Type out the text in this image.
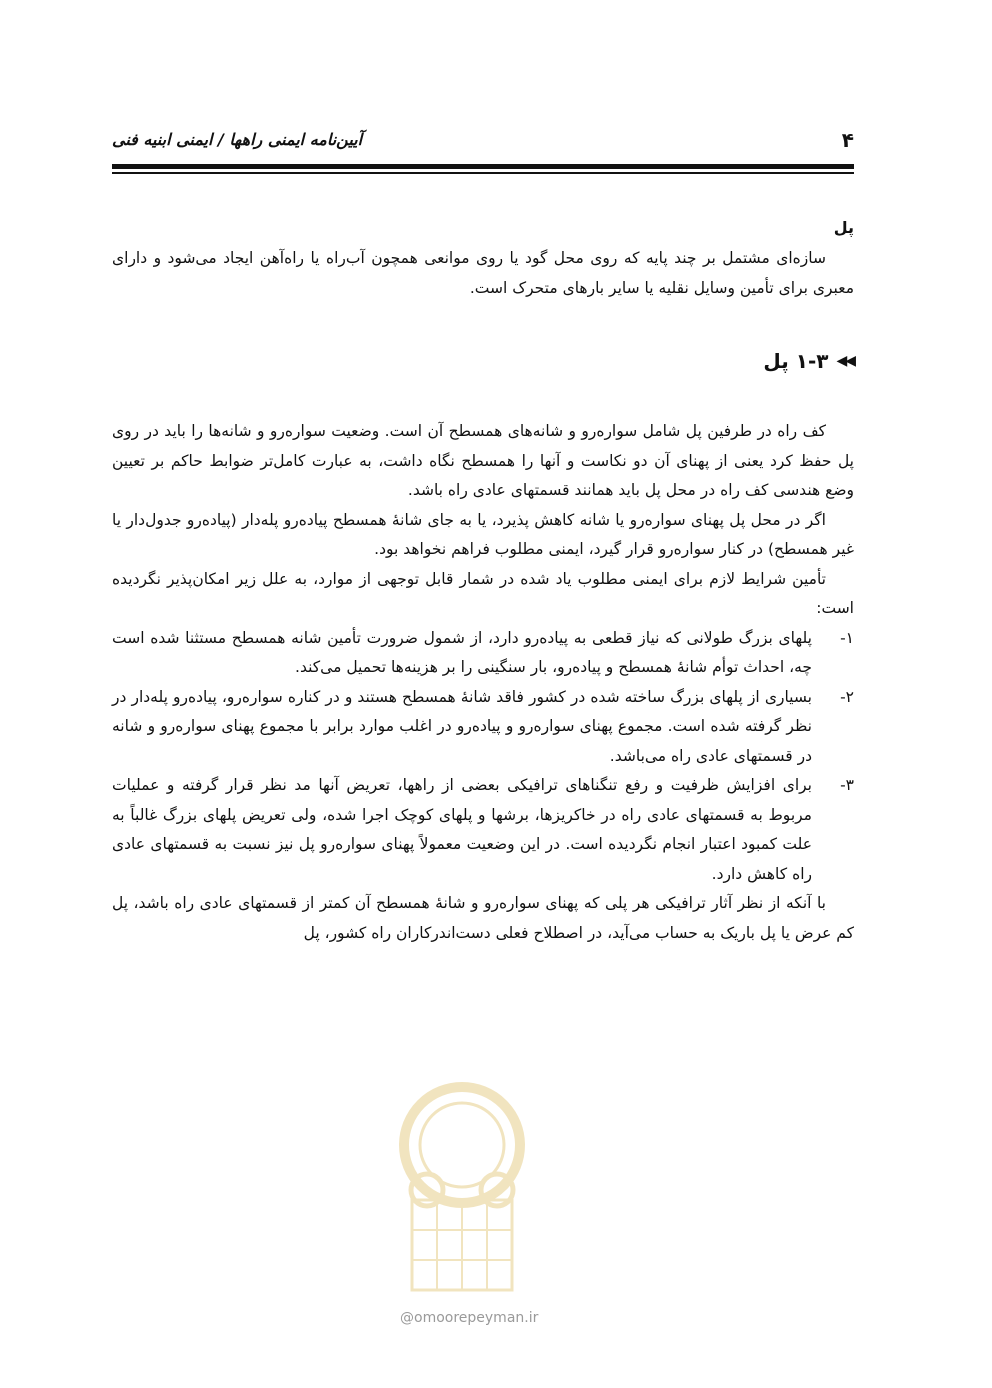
۴
آیین‌نامه ایمنی راهها / ایمنی ابنیه فنی
پل

سازه‌ای مشتمل بر چند پایه که روی محل گود یا روی موانعی همچون آب‌راه یا راه‌آهن ایجاد می‌شود و دارای معبری برای تأمین وسایل نقلیه یا سایر بارهای متحرک است.

◀◀
۱-۳ پل

کف راه در طرفین پل شامل سواره‌رو و شانه‌های همسطح آن است. وضعیت سواره‌رو و شانه‌ها را باید در روی پل حفظ کرد یعنی از پهنای آن دو نکاست و آنها را همسطح نگاه داشت، به عبارت کامل‌تر ضوابط حاکم بر تعیین وضع هندسی کف راه در محل پل باید همانند قسمتهای عادی راه باشد.

اگر در محل پل پهنای سواره‌رو یا شانه کاهش پذیرد، یا به جای شانهٔ همسطح پیاده‌رو پله‌دار (پیاده‌رو جدول‌دار یا غیر همسطح) در کنار سواره‌رو قرار گیرد، ایمنی مطلوب فراهم نخواهد بود.

تأمین شرایط لازم برای ایمنی مطلوب یاد شده در شمار قابل توجهی از موارد، به علل زیر امکان‌پذیر نگردیده است:

۱-
پلهای بزرگ طولانی که نیاز قطعی به پیاده‌رو دارد، از شمول ضرورت تأمین شانه همسطح مستثنا شده است چه، احداث توأم شانهٔ همسطح و پیاده‌رو، بار سنگینی را بر هزینه‌ها تحمیل می‌کند.
۲-
بسیاری از پلهای بزرگ ساخته شده در کشور فاقد شانهٔ همسطح هستند و در کناره سواره‌رو، پیاده‌رو پله‌دار در نظر گرفته شده است. مجموع پهنای سواره‌رو و پیاده‌رو در اغلب موارد برابر با مجموع پهنای سواره‌رو و شانه در قسمتهای عادی راه می‌باشد.
۳-
برای افزایش ظرفیت و رفع تنگناهای ترافیکی بعضی از راهها، تعریض آنها مد نظر قرار گرفته و عملیات مربوط به قسمتهای عادی راه در خاکریزها، برشها و پلهای کوچک اجرا شده، ولی تعریض پلهای بزرگ غالباً به علت کمبود اعتبار انجام نگردیده است. در این وضعیت معمولاً پهنای سواره‌رو پل نیز نسبت به قسمتهای عادی راه کاهش دارد.

با آنکه از نظر آثار ترافیکی هر پلی که پهنای سواره‌رو و شانهٔ همسطح آن کمتر از قسمتهای عادی راه باشد، پل کم عرض یا پل باریک به حساب می‌آید، در اصطلاح فعلی دست‌اندرکاران راه کشور، پل

@omoorepeyman.ir
